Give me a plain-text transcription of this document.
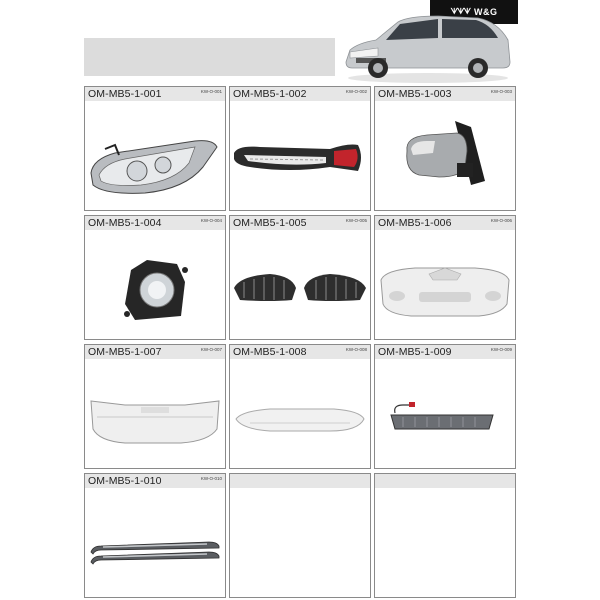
ᗐᗐᗐ W&G
OM-MB5-1-001	KW-O-001 OM-MB5-1-002	KW-O-002 OM-MB5-1-003	KW-O-003
OM-MB5-1-004	KW-O-004 OM-MB5-1-005	KW-O-005 OM-MB5-1-006	KW-O-006
OM-MB5-1-007	KW-O-007 OM-MB5-1-008	KW-O-008 OM-MB5-1-009	KW-O-009
OM-MB5-1-010	KW-O-010
